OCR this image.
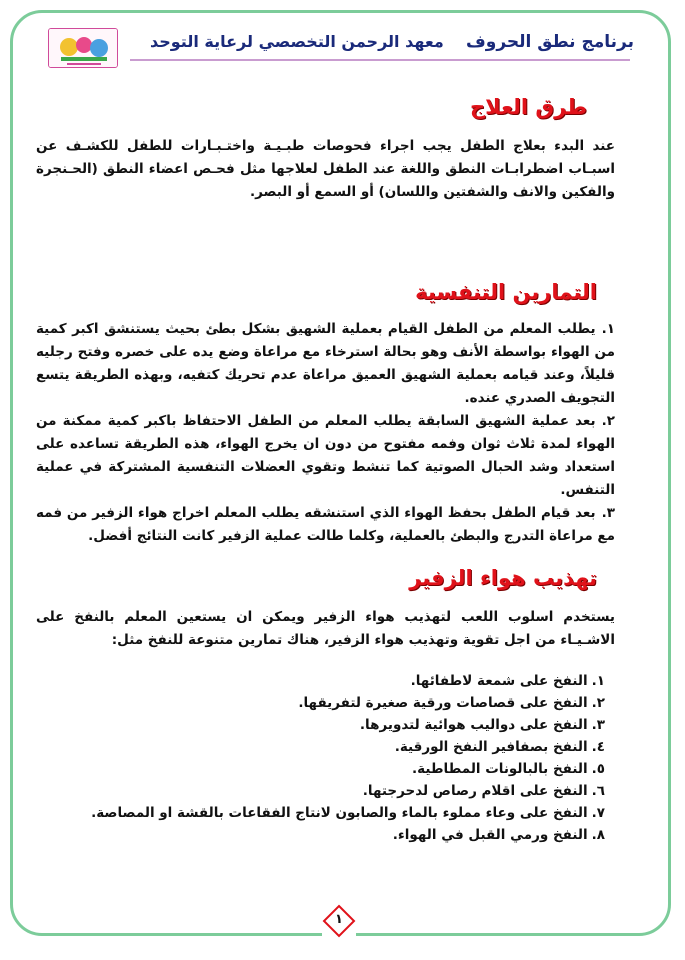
معهد الرحمن التخصصي لرعاية التوحد برنامج نطق الحروف
طرق العلاج
عند البدء بعلاج الطفل يجب اجراء فحوصات طبـيـة واختـبـارات للطفل للكشـف عن اسبـاب اضطرابـات النطق واللغة عند الطفل لعلاجها مثل فحـص اعضاء النطق (الحـنجرة والفكين والانف والشفتين واللسان) أو السمع أو البصر.
التمارين التنفسية
١.يطلب المعلم من الطفل القيام بعملية الشهيق بشكل بطئ بحيث يستنشق اكبر كمية من الهواء بواسطة الأنف وهو بحالة استرخاء مع مراعاة وضع يده على خصره وفتح رجليه قليلاً، وعند قيامه بعملية الشهيق العميق مراعاة عدم تحريك كتفيه، وبهذه الطريقة يتسع التجويف الصدري عنده.
٢.بعد عملية الشهيق السابقة يطلب المعلم من الطفل الاحتفاظ باكبر كمية ممكنة من الهواء لمدة ثلاث ثوان وفمه مفتوح من دون ان يخرج الهواء، هذه الطريقة تساعده على استعداد وشد الحبال الصوتية كما تنشط وتقوي العضلات التنفسية المشتركة في عملية التنفس.
٣.بعد قيام الطفل بحفظ الهواء الذي استنشقه يطلب المعلم اخراج هواء الزفير من فمه مع مراعاة التدرج والبطئ بالعملية، وكلما طالت عملية الزفير كانت النتائج أفضل.
تهذيب هواء الزفير
يستخدم اسلوب اللعب لتهذيب هواء الزفير ويمكن ان يستعين المعلم بالنفخ على الاشـيـاء من اجل تقوية وتهذيب هواء الزفير، هناك تمارين متنوعة للنفخ مثل:
١.النفخ على شمعة لاطفائها.
٢.النفخ على قصاصات ورقية صغيرة لتفريقها.
٣.النفخ على دواليب هوائية لتدويرها.
٤.النفخ بصفافير النفخ الورقية.
٥.النفخ بالبالونات المطاطية.
٦.النفخ على اقلام رصاص لدحرجتها.
٧.النفخ على وعاء مملوء بالماء والصابون لانتاج الفقاعات بالقشة او المصاصة.
٨.النفخ ورمي القبل في الهواء.
١
